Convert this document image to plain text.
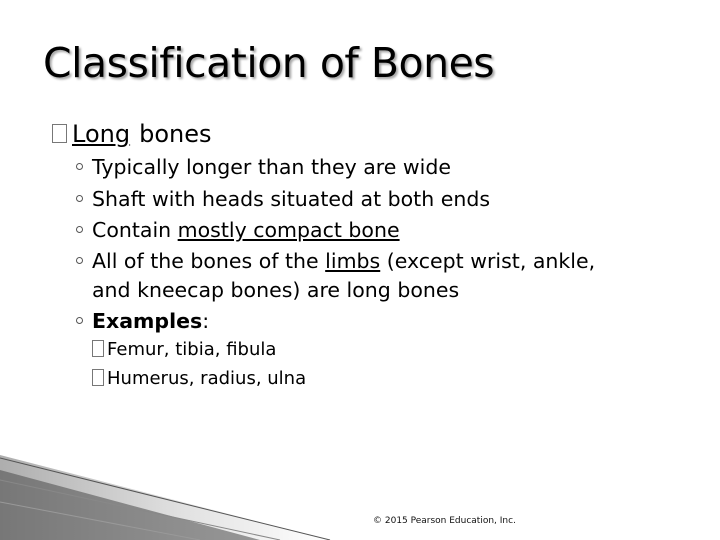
Classification of Bones
Long bones
Typically longer than they are wide
Shaft with heads situated at both ends
Contain mostly compact bone
All of the bones of the limbs (except wrist, ankle,
and kneecap bones) are long bones
Examples:
Femur, tibia, fibula
Humerus, radius, ulna
© 2015 Pearson Education, Inc.
